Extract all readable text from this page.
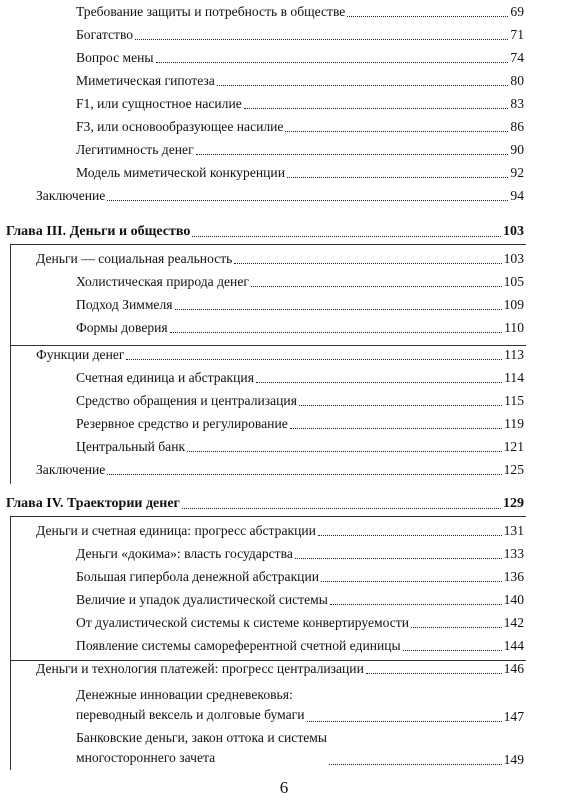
Требование защиты и потребность в обществе	69
Богатство	71
Вопрос мены	74
Миметическая гипотеза	80
F1, или сущностное насилие	83
F3, или основообразующее насилие	86
Легитимность денег	90
Модель миметической конкуренции	92
Заключение	94
Глава III. Деньги и общество	103
Деньги — социальная реальность	103
Холистическая природа денег	105
Подход Зиммеля	109
Формы доверия	110
Функции денег	113
Счетная единица и абстракция	114
Средство обращения и централизация	115
Резервное средство и регулирование	119
Центральный банк	121
Заключение	125
Глава IV. Траектории денег	129
Деньги и счетная единица: прогресс абстракции	131
Деньги «докима»: власть государства	133
Большая гипербола денежной абстракции	136
Величие и упадок дуалистической системы	140
От дуалистической системы к системе конвертируемости	142
Появление системы самореферентной счетной единицы	144
Деньги и технология платежей: прогресс централизации	146
Денежные инновации средневековья:
переводный вексель и долговые бумаги	147
Банковские деньги, закон оттока и системы
многостороннего зачета	149
6
